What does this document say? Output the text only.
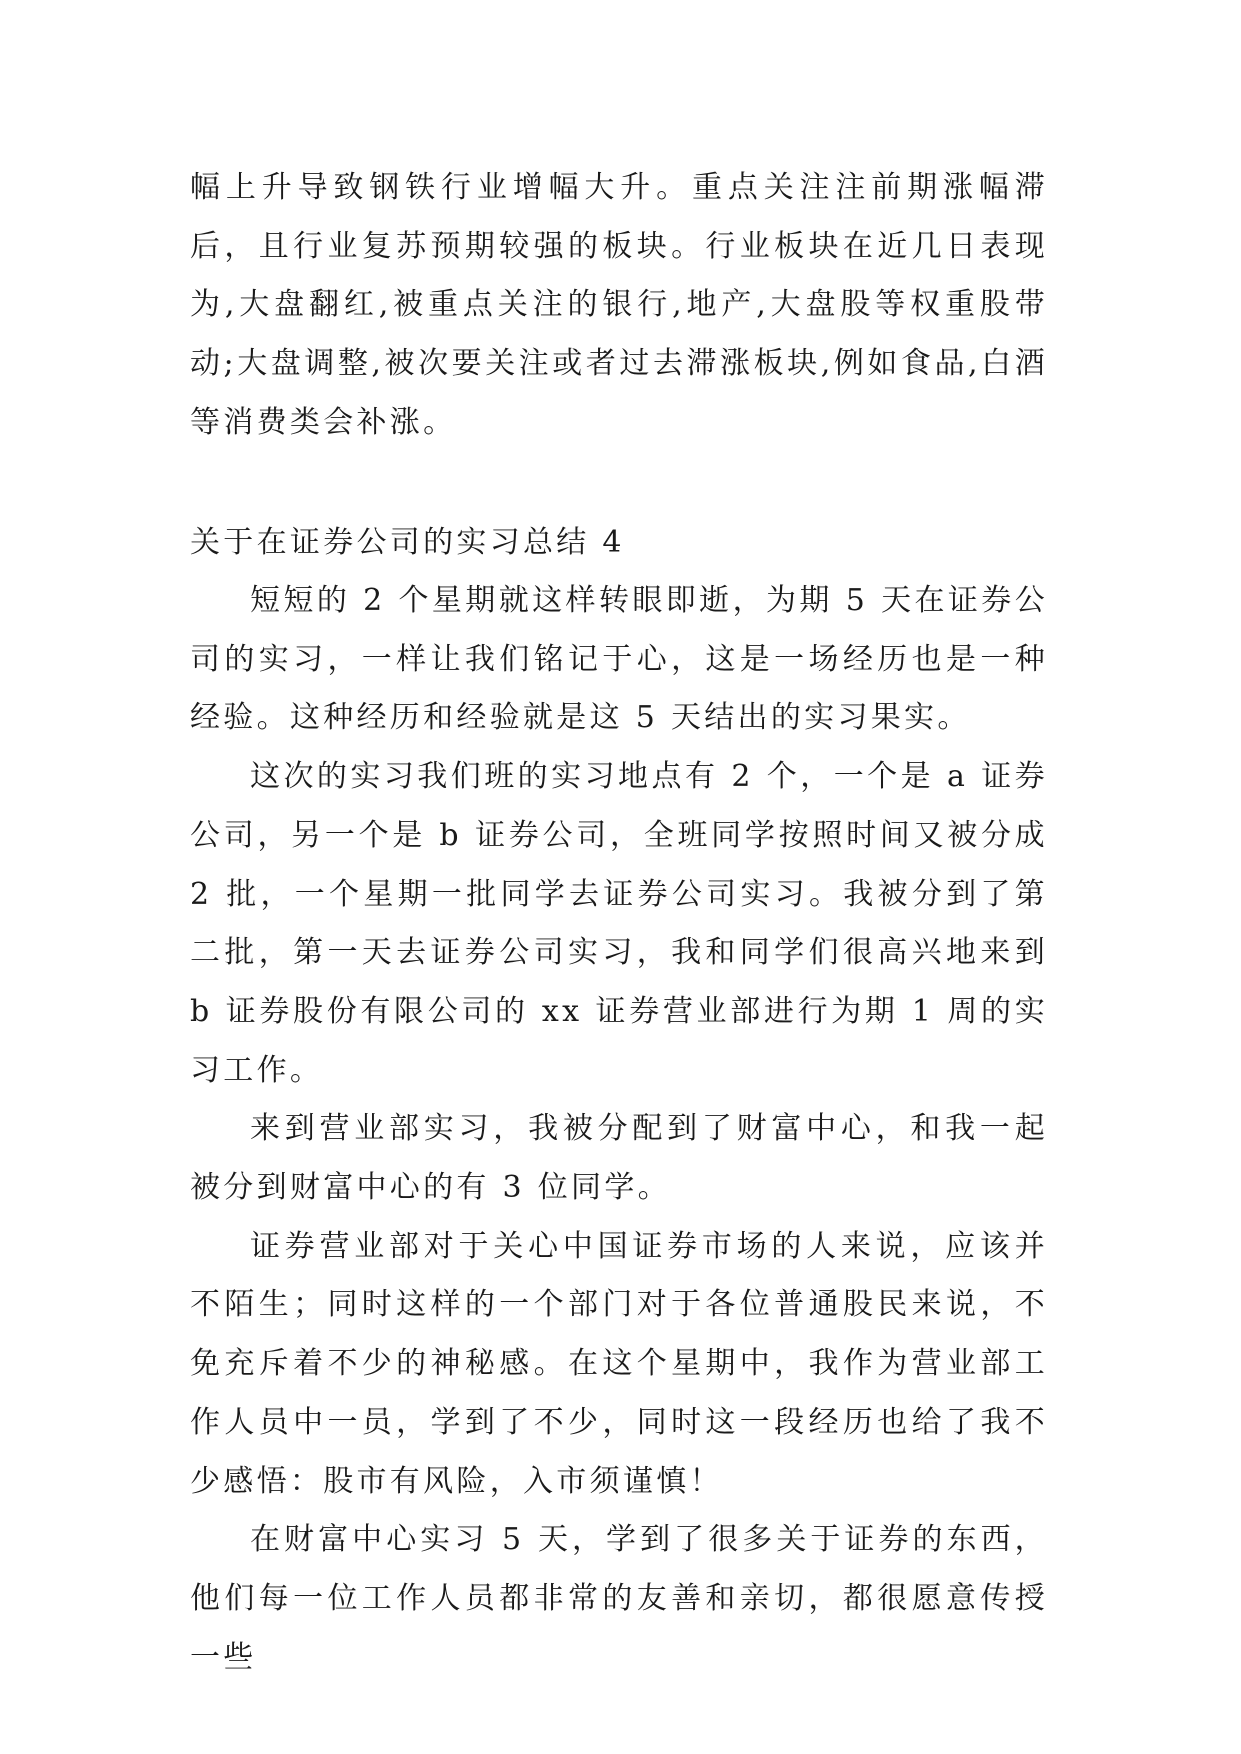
幅上升导致钢铁行业增幅大升。重点关注注前期涨幅滞后，且行业复苏预期较强的板块。行业板块在近几日表现为,大盘翻红,被重点关注的银行,地产,大盘股等权重股带动;大盘调整,被次要关注或者过去滞涨板块,例如食品,白酒等消费类会补涨。

关于在证券公司的实习总结 4

短短的 2 个星期就这样转眼即逝，为期 5 天在证券公司的实习，一样让我们铭记于心，这是一场经历也是一种经验。这种经历和经验就是这 5 天结出的实习果实。

这次的实习我们班的实习地点有 2 个，一个是 a 证券公司，另一个是 b 证券公司，全班同学按照时间又被分成 2 批，一个星期一批同学去证券公司实习。我被分到了第二批，第一天去证券公司实习，我和同学们很高兴地来到 b 证券股份有限公司的 xx 证券营业部进行为期 1 周的实习工作。

来到营业部实习，我被分配到了财富中心，和我一起被分到财富中心的有 3 位同学。

证券营业部对于关心中国证券市场的人来说，应该并不陌生；同时这样的一个部门对于各位普通股民来说，不免充斥着不少的神秘感。在这个星期中，我作为营业部工作人员中一员，学到了不少，同时这一段经历也给了我不少感悟：股市有风险，入市须谨慎！

在财富中心实习 5 天，学到了很多关于证券的东西，他们每一位工作人员都非常的友善和亲切，都很愿意传授一些
